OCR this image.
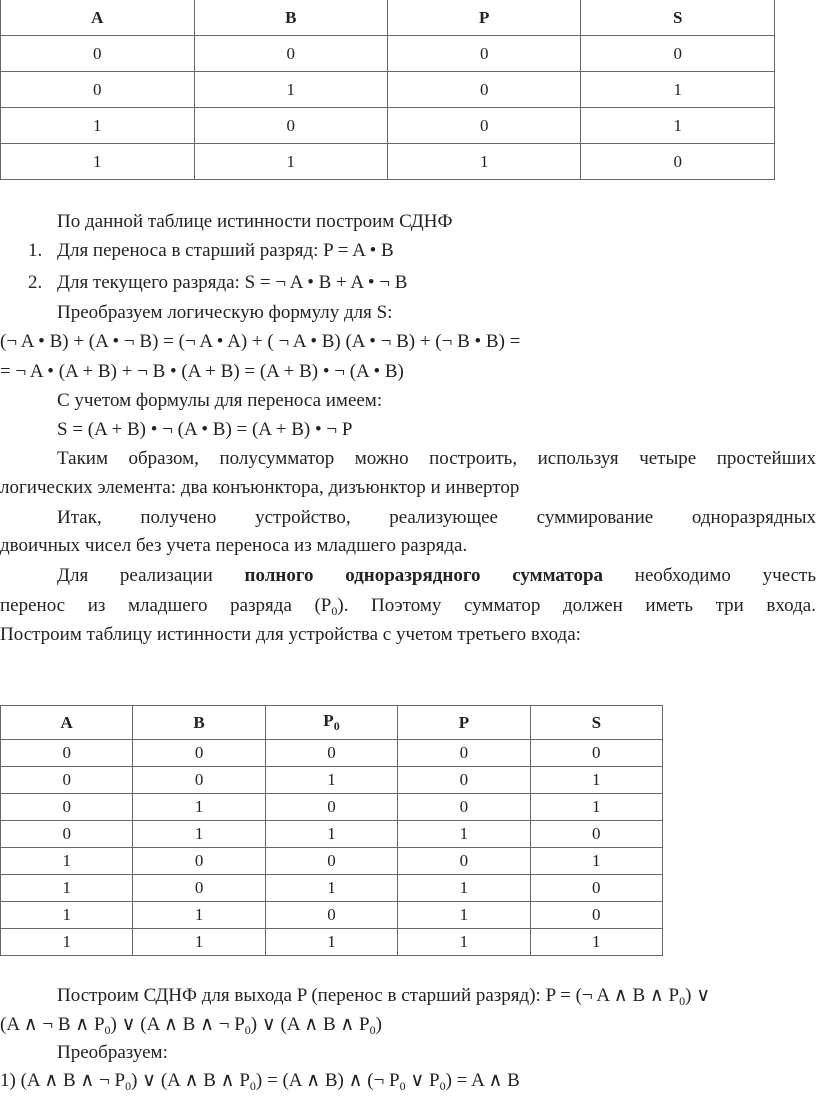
A	B	P	S
0	0	0	0
0	1	0	1
1	0	0	1
1	1	1	0
По данной таблице истинности построим СДНФ
1. Для переноса в старший разряд: P = A • B
2. Для текущего разряда: S = ¬ A • B + A • ¬ B
Преобразуем логическую формулу для S:
(¬ A • B) + (A • ¬ B) = (¬ A • A) + ( ¬ A • B) (A • ¬ B) + (¬ B • B) =
= ¬ A • (A + B) + ¬ B • (A + B) = (A + B) • ¬ (A • B)
С учетом формулы для переноса имеем:
S = (A + B) • ¬ (A • B) = (A + B) • ¬ P
Таким образом, полусумматор можно построить, используя четыре простейших
логических элемента: два конъюнктора, дизъюнктор и инвертор
Итак, получено устройство, реализующее суммирование одноразрядных
двоичных чисел без учета переноса из младшего разряда.
Для реализации полного одноразрядного сумматора необходимо учесть
перенос из младшего разряда $(P_0)$. Поэтому сумматор должен иметь три входа.
Построим таблицу истинности для устройства с учетом третьего входа:
A	B	$P_0$	P	S
0	0	0	0	0
0	0	1	0	1
0	1	0	0	1
0	1	1	1	0
1	0	0	0	1
1	0	1	1	0
1	1	0	1	0
1	1	1	1	1
Построим СДНФ для выхода P (перенос в старший разряд): P = (¬ A ∧ B ∧ $P_0$) ∨
(A ∧ ¬ B ∧ $P_0$) ∨ (A ∧ B ∧ ¬ $P_0$) ∨ (A ∧ B ∧ $P_0$)
Преобразуем:
1) (A ∧ B ∧ ¬ $P_0$) ∨ (A ∧ B ∧ $P_0) = (A$ ∧ B) ∧ (¬ $P_0$ ∨ $P_0) = A$ ∧ B
